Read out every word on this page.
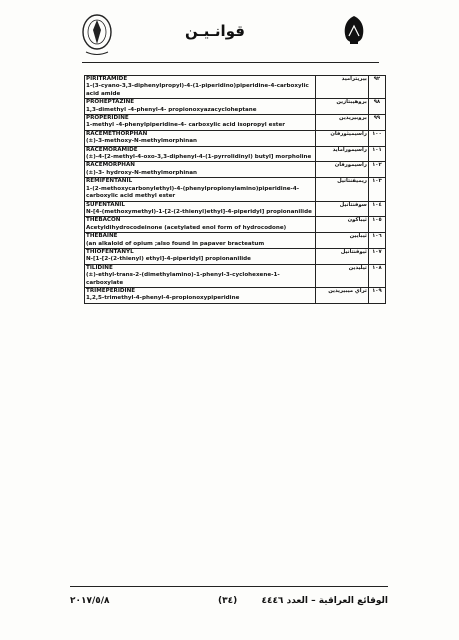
قوانـيـن
PIRITRAMIDE
1-(3-cyano-3,3-diphenylpropyl)-4-(1-piperidino)piperidine-4-carboxylic acid amide	بيريتراميد	٩٢

PROHEPTAZINE
1,3-dimethyl -4-phenyl-4- propionoxyazacycloheptane	بروهيبتازين	٩٨

PROPERIDINE
1-methyl -4-phenylpiperidine-4- carboxylic acid isopropyl ester	بروبيريدين	٩٩

RACEMETHORPHAN
(±)-3-methoxy-N-methylmorphinan	راسيميثورفان	١٠٠

RACEMORAMIDE
(±)-4-[2-methyl-4-oxo-3,3-diphenyl-4-(1-pyrrolidinyl) butyl] morpholine	راسيمورامايد	١٠١

RACEMORPHAN
(±)-3- hydroxy-N-methylmorphinan	راسيمورفان	١٠٢

REMIFENTANIL
1-(2-methoxycarbonylethyl)-4-(phenylpropionylamino)piperidine-4-carboxylic acid methyl ester	ريميفنتانيل	١٠٣

SUFENTANIL
N-[4-(methoxymethyl)-1-[2-(2-thienyl)ethyl]-4-piperidyl] propionanilide	سوفنتانيل	١٠٤

THEBACON
Acetyldihydrocodeinone (acetylated enol form of hydrocodone)	ثيباكون	١٠٥

THEBAINE
(an alkaloid of opium ;also found in papaver bracteatum	ثيبايين	١٠٦

THIOFENTANYL
N-[1-[2-(2-thienyl) ethyl]-4-piperidyl] propionanilide	ثيوفنتانيل	١٠٧

TILIDINE
(±)-ethyl-trans-2-(dimethylamino)-1-phenyl-3-cyclohexene-1-carboxylate	تيليدين	١٠٨

TRIMEPERIDINE
1,2,5-trimethyl-4-phenyl-4-propionoxypiperidine	تراي ميبيريدين	١٠٩
الوقائع العراقية – العدد ٤٤٤٦
(٣٤)
٢٠١٧/٥/٨
